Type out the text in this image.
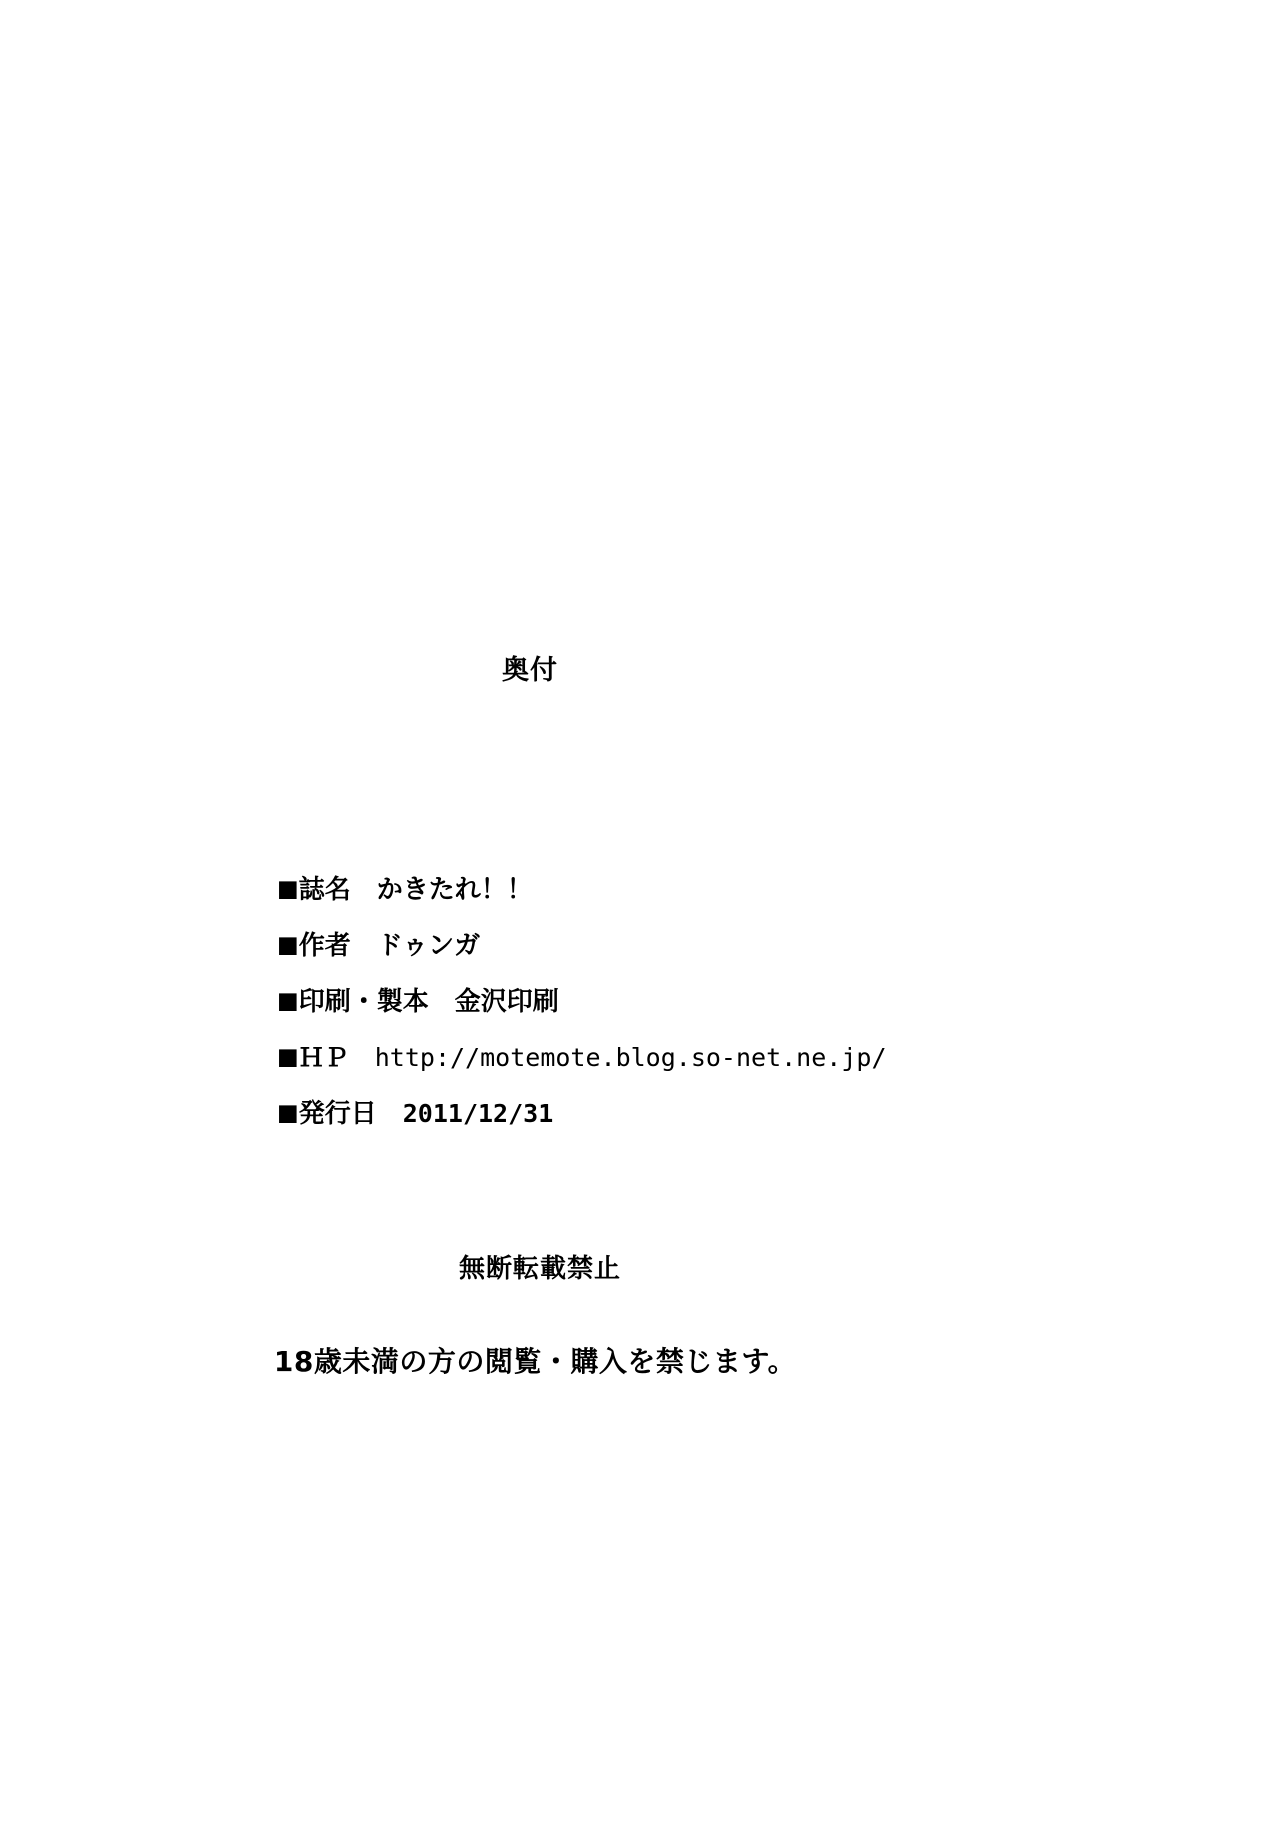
奥付
■誌名 かきたれ！！
■作者 ドゥンガ
■印刷・製本 金沢印刷
■ＨＰ http://motemote.blog.so-net.ne.jp/
■発行日 2011/12/31
無断転載禁止
18歳未満の方の閲覧・購入を禁じます。
